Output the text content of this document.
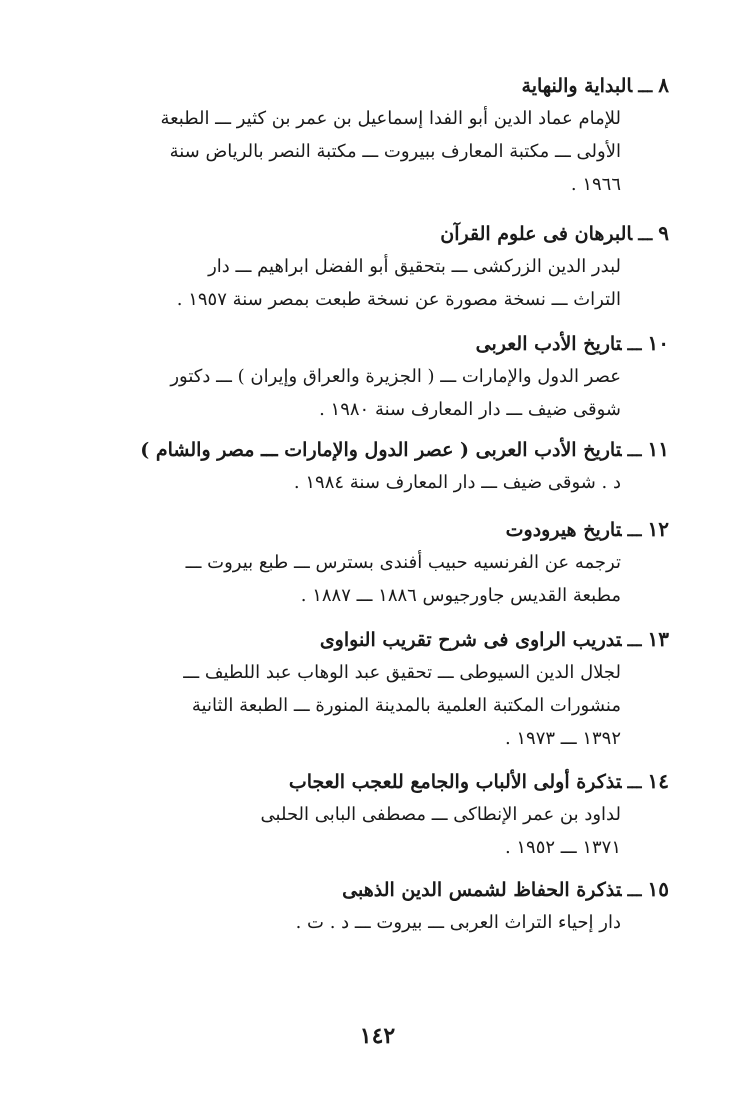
٨ـــالبداية والنهاية
للإمام عماد الدين أبو الفدا إسماعيل بن عمر بن كثير ـــ الطبعة
الأولى ـــ مكتبة المعارف ببيروت ـــ مكتبة النصر بالرياض سنة
١٩٦٦ .
٩ـــالبرهان فى علوم القرآن
لبدر الدين الزركشى ـــ بتحقيق أبو الفضل ابراهيم ـــ دار
التراث ـــ نسخة مصورة عن نسخة طبعت بمصر سنة ١٩٥٧ .
١٠ـــتاريخ الأدب العربى
عصر الدول والإمارات ـــ ( الجزيرة والعراق وإيران ) ـــ دكتور
شوقى ضيف ـــ دار المعارف سنة ١٩٨٠ .
١١ـــتاريخ الأدب العربى ( عصر الدول والإمارات ـــ مصر والشام )
د . شوقى ضيف ـــ دار المعارف سنة ١٩٨٤ .
١٢ـــتاريخ هيرودوت
ترجمه عن الفرنسيه حبيب أفندى بسترس ـــ طبع بيروت ـــ
مطبعة القديس جاورجيوس ١٨٨٦ ـــ ١٨٨٧ .
١٣ـــتدريب الراوى فى شرح تقريب النواوى
لجلال الدين السيوطى ـــ تحقيق عبد الوهاب عبد اللطيف ـــ
منشورات المكتبة العلمية بالمدينة المنورة ـــ الطبعة الثانية
١٣٩٢ ـــ ١٩٧٣ .
١٤ـــتذكرة أولى الألباب والجامع للعجب العجاب
لداود بن عمر الإنطاكى ـــ مصطفى البابى الحلبى
١٣٧١ ـــ ١٩٥٢ .
١٥ـــتذكرة الحفاظ لشمس الدين الذهبى
دار إحياء التراث العربى ـــ بيروت ـــ د . ت .
١٤٢
